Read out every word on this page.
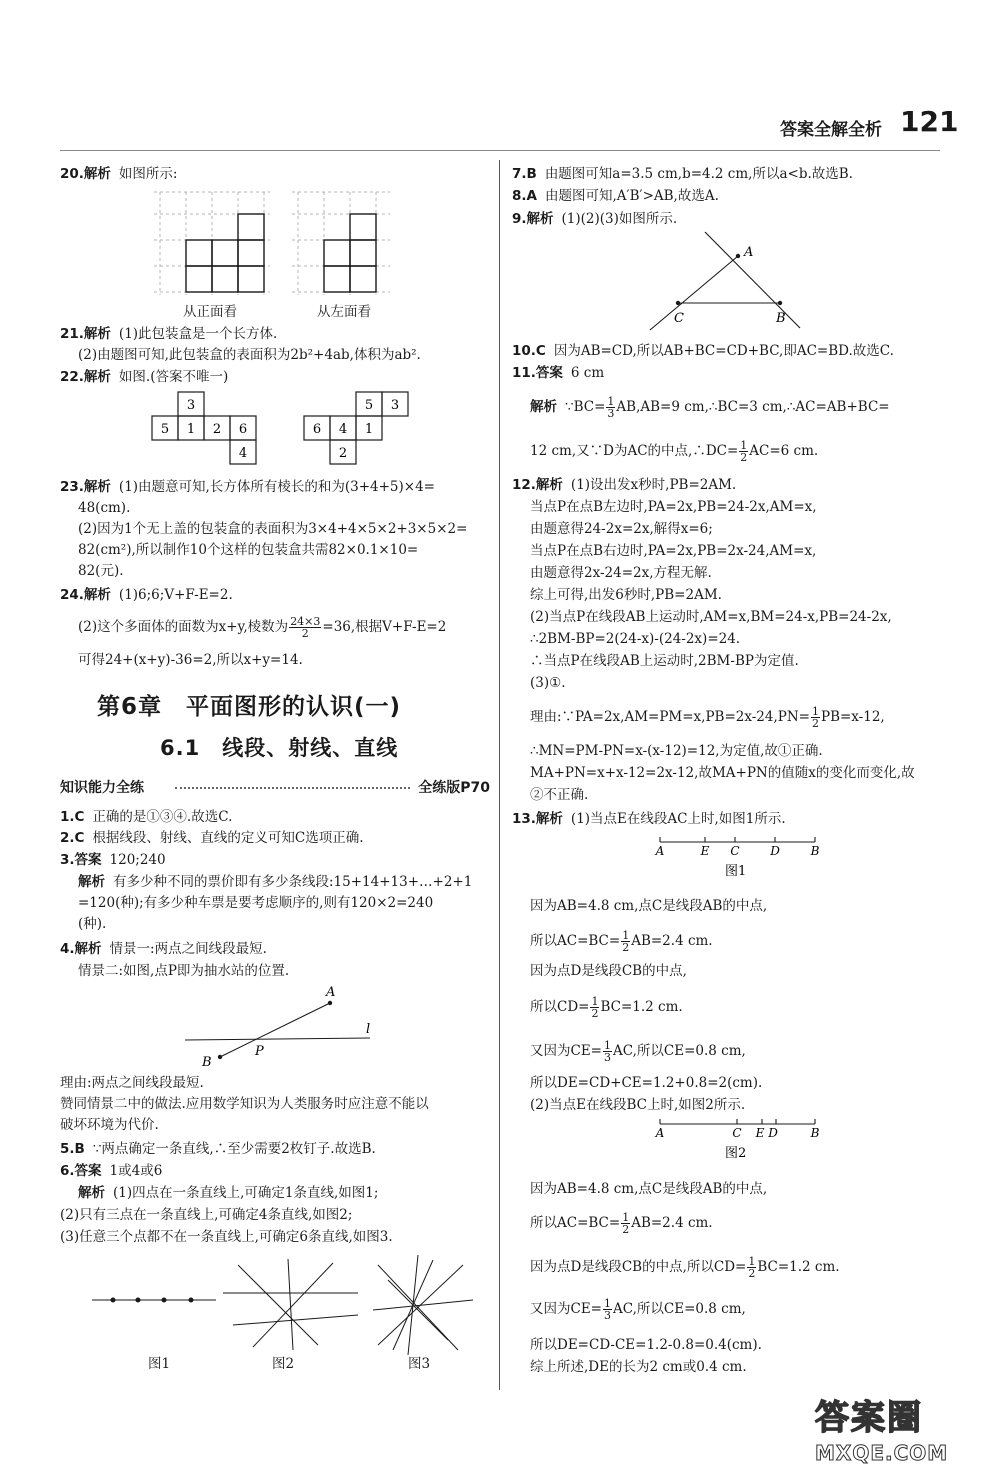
答案全解全析 121
20.解析 如图所示:
从正面看	从左面看
21.解析 (1)此包装盒是一个长方体.
(2)由题图可知,此包装盒的表面积为2b²+4ab,体积为ab².
22.解析 如图.(答案不唯一)
3
5 1 2 6
4
5 3
6 4 1
2
23.解析 (1)由题意可知,长方体所有棱长的和为(3+4+5)×4=
48(cm).
(2)因为1个无上盖的包装盒的表面积为3×4+4×5×2+3×5×2=
82(cm²),所以制作10个这样的包装盒共需82×0.1×10=
82(元).
24.解析 (1)6;6;V+F-E=2.
(2)这个多面体的面数为x+y,棱数为 $\frac{24\times 3}{2} =36$,根据V+F-E=2
可得24+(x+y)-36=2,所以x+y=14.
第6章　平面图形的认识(一)
6.1　线段、射线、直线
知识能力全练	全练版P70
1.C 正确的是①③④.故选C.
2.C 根据线段、射线、直线的定义可知C选项正确.
3.答案 120;240
解析 有多少种不同的票价即有多少条线段:15+14+13+…+2+1
=120(种);有多少种车票是要考虑顺序的,则有120×2=240
(种).
4.解析 情景一:两点之间线段最短.
情景二:如图,点P即为抽水站的位置.
A
B
P
l
理由:两点之间线段最短.
赞同情景二中的做法.应用数学知识为人类服务时应注意不能以
破坏环境为代价.
5.B ∵两点确定一条直线,∴至少需要2枚钉子.故选B.
6.答案 1或4或6
解析 (1)四点在一条直线上,可确定1条直线,如图1;
(2)只有三点在一条直线上,可确定4条直线,如图2;
(3)任意三个点都不在一条直线上,可确定6条直线,如图3.
图1	图2	图3
7.B 由题图可知a=3.5 cm,b=4.2 cm,所以a<b.故选B.
8.A 由题图可知,A′B′>AB,故选A.
9.解析 (1)(2)(3)如图所示.
A
C	B
10.C 因为AB=CD,所以AB+BC=CD+BC,即AC=BD.故选C.
11.答案 6 cm
解析 ∵BC= $\frac{1}{3} AB,AB=9$ cm,∴BC=3 cm,∴AC=AB+BC=
12 cm,又∵D为AC的中点,∴DC= $\frac{1}{2} AC=6$ cm.
12.解析 (1)设出发x秒时,PB=2AM.
当点P在点B左边时,PA=2x,PB=24-2x,AM=x,
由题意得24-2x=2x,解得x=6;
当点P在点B右边时,PA=2x,PB=2x-24,AM=x,
由题意得2x-24=2x,方程无解.
综上可得,出发6秒时,PB=2AM.
(2)当点P在线段AB上运动时,AM=x,BM=24-x,PB=24-2x,
∴2BM-BP=2(24-x)-(24-2x)=24.
∴当点P在线段AB上运动时,2BM-BP为定值.
(3)①.
理由:∵PA=2x,AM=PM=x,PB=2x-24,PN= $\frac{1}{2} PB=x-12$,
∴MN=PM-PN=x-(x-12)=12,为定值,故①正确.
MA+PN=x+x-12=2x-12,故MA+PN的值随x的变化而变化,故
②不正确.
13.解析 (1)当点E在线段AC上时,如图1所示.
A	E C	D	B
图1
因为AB=4.8 cm,点C是线段AB的中点,
所以$AC=BC= \frac{1}{2} AB=2.4$ cm.
因为点D是线段CB的中点,
所以$CD= \frac{1}{2} BC=1.2$ cm.
又因为$CE= \frac{1}{3}$ AC,所以CE=0.8 cm,
所以DE=CD+CE=1.2+0.8=2(cm).
(2)当点E在线段BC上时,如图2所示.
A	C E D	B
图2
因为AB=4.8 cm,点C是线段AB的中点,
所以$AC=BC= \frac{1}{2} AB=2.4$ cm.
因为点D是线段CB的中点,所以$CD= \frac{1}{2} BC=1.2$ cm.
又因为$CE= \frac{1}{3}$ AC,所以CE=0.8 cm,
所以DE=CD-CE=1.2-0.8=0.4(cm).
综上所述,DE的长为2 cm或0.4 cm.
答案圈
MXQE.COM
